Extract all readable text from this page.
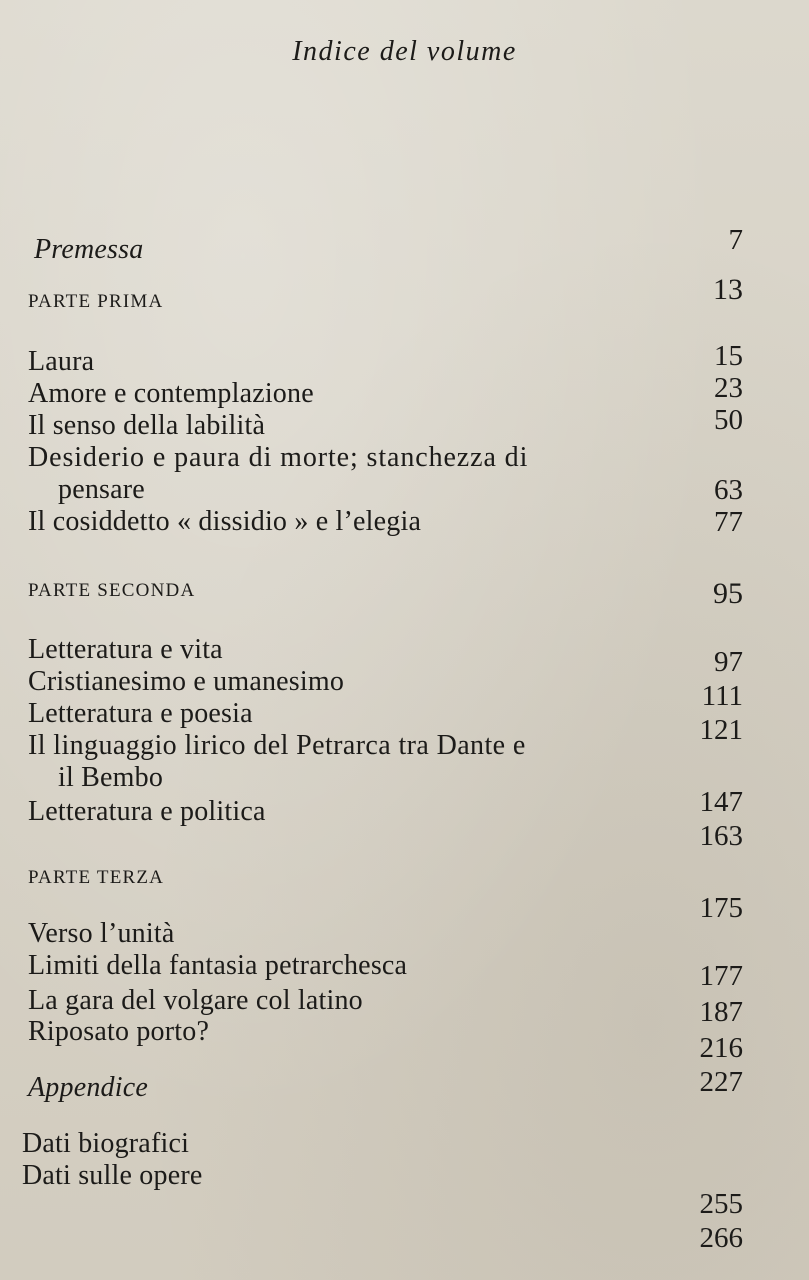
Indice del volume
Premessa
PARTE PRIMA
Laura
Amore e contemplazione
Il senso della labilità
Desiderio e paura di morte; stanchezza di
pensare
Il cosiddetto « dissidio » e l’elegia
PARTE SECONDA
Letteratura e vita
Cristianesimo e umanesimo
Letteratura e poesia
Il linguaggio lirico del Petrarca tra Dante e
il Bembo
Letteratura e politica
PARTE TERZA
Verso l’unità
Limiti della fantasia petrarchesca
La gara del volgare col latino
Riposato porto?
Appendice
Dati biografici
Dati sulle opere
7
13
15
23
50
63
77
95
97
111
121
147
163
175
177
187
216
227
255
266
